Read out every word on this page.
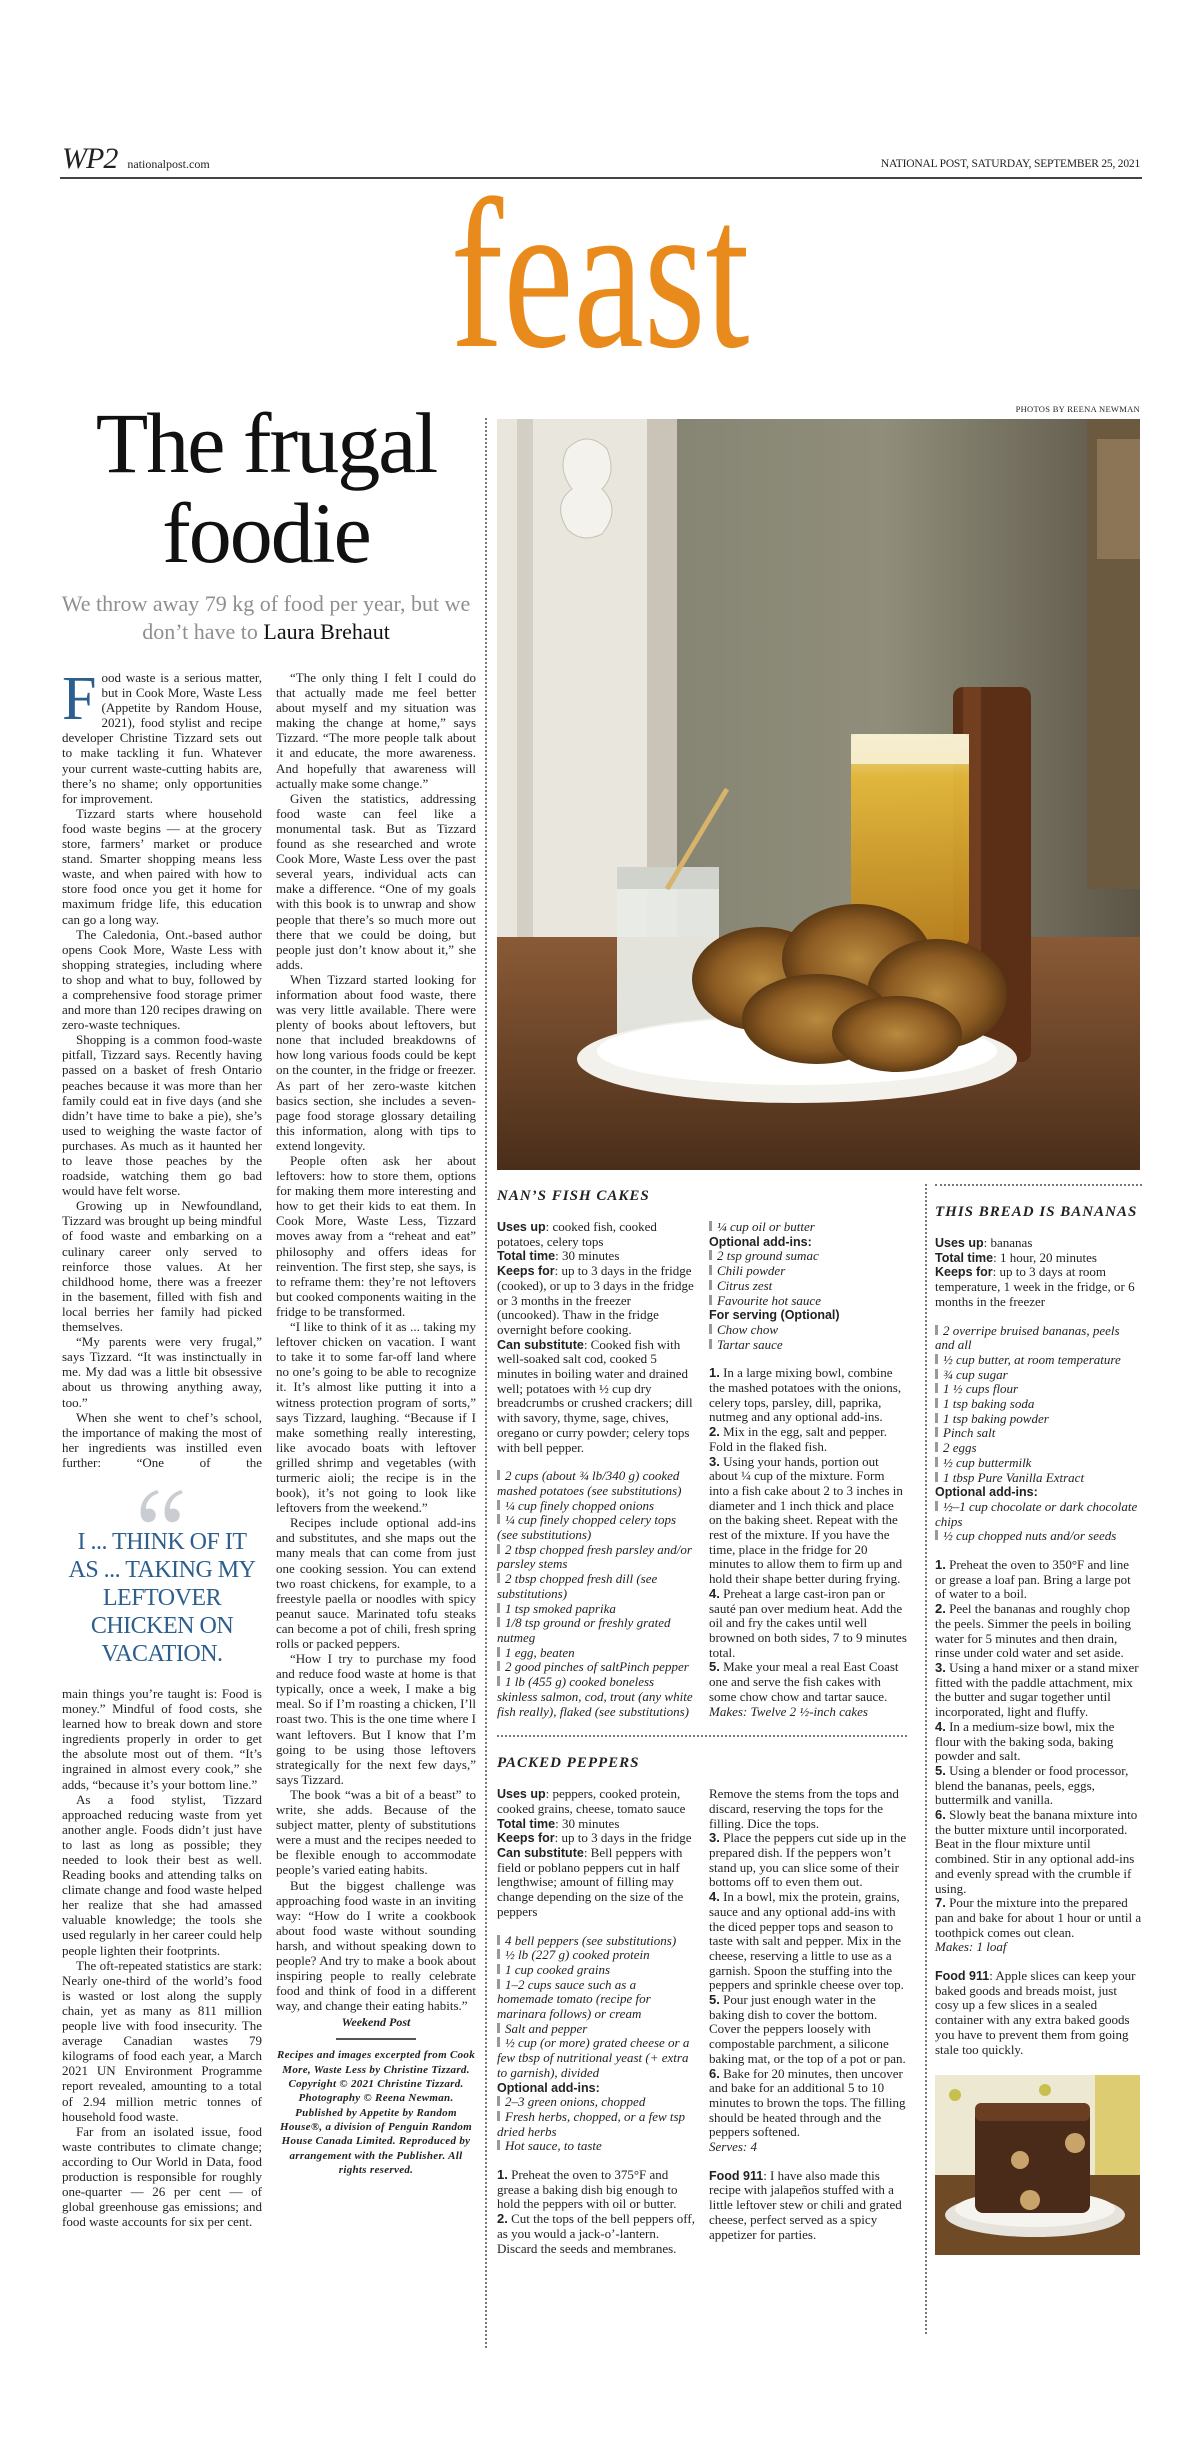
WP2 nationalpost.com	NATIONAL POST, SATURDAY, SEPTEMBER 25, 2021
feast
PHOTOS BY REENA NEWMAN
The frugal
foodie
We throw away 79 kg of food per year, but we don’t have to Laura Brehaut

Food waste is a serious matter, but in Cook More, Waste Less (Appetite by Random House, 2021), food stylist and recipe developer Christine Tizzard sets out to make tackling it fun. Whatever your current waste-cutting habits are, there’s no shame; only opportunities for improvement.

Tizzard starts where household food waste begins — at the grocery store, farmers’ market or produce stand. Smarter shopping means less waste, and when paired with how to store food once you get it home for maximum fridge life, this education can go a long way.

The Caledonia, Ont.-based author opens Cook More, Waste Less with shopping strategies, including where to shop and what to buy, followed by a comprehensive food storage primer and more than 120 recipes drawing on zero-waste techniques.

Shopping is a common food-waste pitfall, Tizzard says. Recently having passed on a basket of fresh Ontario peaches because it was more than her family could eat in five days (and she didn’t have time to bake a pie), she’s used to weighing the waste factor of purchases. As much as it haunted her to leave those peaches by the roadside, watching them go bad would have felt worse.

Growing up in Newfoundland, Tizzard was brought up being mindful of food waste and embarking on a culinary career only served to reinforce those values. At her childhood home, there was a freezer in the basement, filled with fish and local berries her family had picked themselves.

“My parents were very frugal,” says Tizzard. “It was instinctually in me. My dad was a little bit obsessive about us throwing anything away, too.”

When she went to chef’s school, the importance of making the most of her ingredients was instilled even further: “One of the

I ... THINK OF IT AS ... TAKING MY LEFTOVER CHICKEN ON VACATION.

main things you’re taught is: Food is money.” Mindful of food costs, she learned how to break down and store ingredients properly in order to get the absolute most out of them. “It’s ingrained in almost every cook,” she adds, “because it’s your bottom line.”

As a food stylist, Tizzard approached reducing waste from yet another angle. Foods didn’t just have to last as long as possible; they needed to look their best as well. Reading books and attending talks on climate change and food waste helped her realize that she had amassed valuable knowledge; the tools she used regularly in her career could help people lighten their footprints.

The oft-repeated statistics are stark: Nearly one-third of the world’s food is wasted or lost along the supply chain, yet as many as 811 million people live with food insecurity. The average Canadian wastes 79 kilograms of food each year, a March 2021 UN Environment Programme report revealed, amounting to a total of 2.94 million metric tonnes of household food waste.

Far from an isolated issue, food waste contributes to climate change; according to Our World in Data, food production is responsible for roughly one-quarter — 26 per cent — of global greenhouse gas emissions; and food waste accounts for six per cent.

“The only thing I felt I could do that actually made me feel better about myself and my situation was making the change at home,” says Tizzard. “The more people talk about it and educate, the more awareness. And hopefully that awareness will actually make some change.”

Given the statistics, addressing food waste can feel like a monumental task. But as Tizzard found as she researched and wrote Cook More, Waste Less over the past several years, individual acts can make a difference. “One of my goals with this book is to unwrap and show people that there’s so much more out there that we could be doing, but people just don’t know about it,” she adds.

When Tizzard started looking for information about food waste, there was very little available. There were plenty of books about leftovers, but none that included breakdowns of how long various foods could be kept on the counter, in the fridge or freezer. As part of her zero-waste kitchen basics section, she includes a seven-page food storage glossary detailing this information, along with tips to extend longevity.

People often ask her about leftovers: how to store them, options for making them more interesting and how to get their kids to eat them. In Cook More, Waste Less, Tizzard moves away from a “reheat and eat” philosophy and offers ideas for reinvention. The first step, she says, is to reframe them: they’re not leftovers but cooked components waiting in the fridge to be transformed.

“I like to think of it as ... taking my leftover chicken on vacation. I want to take it to some far-off land where no one’s going to be able to recognize it. It’s almost like putting it into a witness protection program of sorts,” says Tizzard, laughing. “Because if I make something really interesting, like avocado boats with leftover grilled shrimp and vegetables (with turmeric aioli; the recipe is in the book), it’s not going to look like leftovers from the weekend.”

Recipes include optional add-ins and substitutes, and she maps out the many meals that can come from just one cooking session. You can extend two roast chickens, for example, to a freestyle paella or noodles with spicy peanut sauce. Marinated tofu steaks can become a pot of chili, fresh spring rolls or packed peppers.

“How I try to purchase my food and reduce food waste at home is that typically, once a week, I make a big meal. So if I’m roasting a chicken, I’ll roast two. This is the one time where I want leftovers. But I know that I’m going to be using those leftovers strategically for the next few days,” says Tizzard.

The book “was a bit of a beast” to write, she adds. Because of the subject matter, plenty of substitutions were a must and the recipes needed to be flexible enough to accommodate people’s varied eating habits.

But the biggest challenge was approaching food waste in an inviting way: “How do I write a cookbook about food waste without sounding harsh, and without speaking down to people? And try to make a book about inspiring people to really celebrate food and think of food in a different way, and change their eating habits.”

Weekend Post
Recipes and images excerpted from Cook More, Waste Less by Christine Tizzard. Copyright © 2021 Christine Tizzard. Photography © Reena Newman. Published by Appetite by Random House®, a division of Penguin Random House Canada Limited. Reproduced by arrangement with the Publisher. All rights reserved.
NAN’S FISH CAKES
Uses up: cooked fish, cooked potatoes, celery tops
Total time: 30 minutes
Keeps for: up to 3 days in the fridge (cooked), or up to 3 days in the fridge or 3 months in the freezer (uncooked). Thaw in the fridge overnight before cooking.
Can substitute: Cooked fish with well-soaked salt cod, cooked 5 minutes in boiling water and drained well; potatoes with ½ cup dry breadcrumbs or crushed crackers; dill with savory, thyme, sage, chives, oregano or curry powder; celery tops with bell pepper.
2 cups (about ¾ lb/340 g) cooked mashed potatoes (see substitutions)
¼ cup finely chopped onions
¼ cup finely chopped celery tops (see substitutions)
2 tbsp chopped fresh parsley and/or parsley stems
2 tbsp chopped fresh dill (see substitutions)
1 tsp smoked paprika
1/8 tsp ground or freshly grated nutmeg
1 egg, beaten
2 good pinches of saltPinch pepper
1 lb (455 g) cooked boneless skinless salmon, cod, trout (any white fish really), flaked (see substitutions)
¼ cup oil or butter
Optional add-ins:
2 tsp ground sumac
Chili powder
Citrus zest
Favourite hot sauce
For serving (Optional)
Chow chow
Tartar sauce
1. In a large mixing bowl, combine the mashed potatoes with the onions, celery tops, parsley, dill, paprika, nutmeg and any optional add-ins.
2. Mix in the egg, salt and pepper. Fold in the flaked fish.
3. Using your hands, portion out about ¼ cup of the mixture. Form into a fish cake about 2 to 3 inches in diameter and 1 inch thick and place on the baking sheet. Repeat with the rest of the mixture. If you have the time, place in the fridge for 20 minutes to allow them to firm up and hold their shape better during frying.
4. Preheat a large cast-iron pan or sauté pan over medium heat. Add the oil and fry the cakes until well browned on both sides, 7 to 9 minutes total.
5. Make your meal a real East Coast one and serve the fish cakes with some chow chow and tartar sauce.
Makes: Twelve 2 ½-inch cakes
PACKED PEPPERS
Uses up: peppers, cooked protein, cooked grains, cheese, tomato sauce
Total time: 30 minutes
Keeps for: up to 3 days in the fridge
Can substitute: Bell peppers with field or poblano peppers cut in half lengthwise; amount of filling may change depending on the size of the peppers
4 bell peppers (see substitutions)
½ lb (227 g) cooked protein
1 cup cooked grains
1–2 cups sauce such as a homemade tomato (recipe for marinara follows) or cream
Salt and pepper
½ cup (or more) grated cheese or a few tbsp of nutritional yeast (+ extra to garnish), divided
Optional add-ins:
2–3 green onions, chopped
Fresh herbs, chopped, or a few tsp dried herbs
Hot sauce, to taste
1. Preheat the oven to 375°F and grease a baking dish big enough to hold the peppers with oil or butter.
2. Cut the tops of the bell peppers off, as you would a jack-o’-lantern. Discard the seeds and membranes. Remove the stems from the tops and discard, reserving the tops for the filling. Dice the tops.
3. Place the peppers cut side up in the prepared dish. If the peppers won’t stand up, you can slice some of their bottoms off to even them out.
4. In a bowl, mix the protein, grains, sauce and any optional add-ins with the diced pepper tops and season to taste with salt and pepper. Mix in the cheese, reserving a little to use as a garnish. Spoon the stuffing into the peppers and sprinkle cheese over top.
5. Pour just enough water in the baking dish to cover the bottom. Cover the peppers loosely with compostable parchment, a silicone baking mat, or the top of a pot or pan.
6. Bake for 20 minutes, then uncover and bake for an additional 5 to 10 minutes to brown the tops. The filling should be heated through and the peppers softened.
Serves: 4
Food 911: I have also made this recipe with jalapeños stuffed with a little leftover stew or chili and grated cheese, perfect served as a spicy appetizer for parties.
THIS BREAD IS BANANAS
Uses up: bananas
Total time: 1 hour, 20 minutes
Keeps for: up to 3 days at room temperature, 1 week in the fridge, or 6 months in the freezer
2 overripe bruised bananas, peels and all
½ cup butter, at room temperature
¾ cup sugar
1 ½ cups flour
1 tsp baking soda
1 tsp baking powder
Pinch salt
2 eggs
½ cup buttermilk
1 tbsp Pure Vanilla Extract
Optional add-ins:
½–1 cup chocolate or dark chocolate chips
½ cup chopped nuts and/or seeds
1. Preheat the oven to 350°F and line or grease a loaf pan. Bring a large pot of water to a boil.
2. Peel the bananas and roughly chop the peels. Simmer the peels in boiling water for 5 minutes and then drain, rinse under cold water and set aside.
3. Using a hand mixer or a stand mixer fitted with the paddle attachment, mix the butter and sugar together until incorporated, light and fluffy.
4. In a medium-size bowl, mix the flour with the baking soda, baking powder and salt.
5. Using a blender or food processor, blend the bananas, peels, eggs, buttermilk and vanilla.
6. Slowly beat the banana mixture into the butter mixture until incorporated. Beat in the flour mixture until combined. Stir in any optional add-ins and evenly spread with the crumble if using.
7. Pour the mixture into the prepared pan and bake for about 1 hour or until a toothpick comes out clean.
Makes: 1 loaf
Food 911: Apple slices can keep your baked goods and breads moist, just cosy up a few slices in a sealed container with any extra baked goods you have to prevent them from going stale too quickly.
